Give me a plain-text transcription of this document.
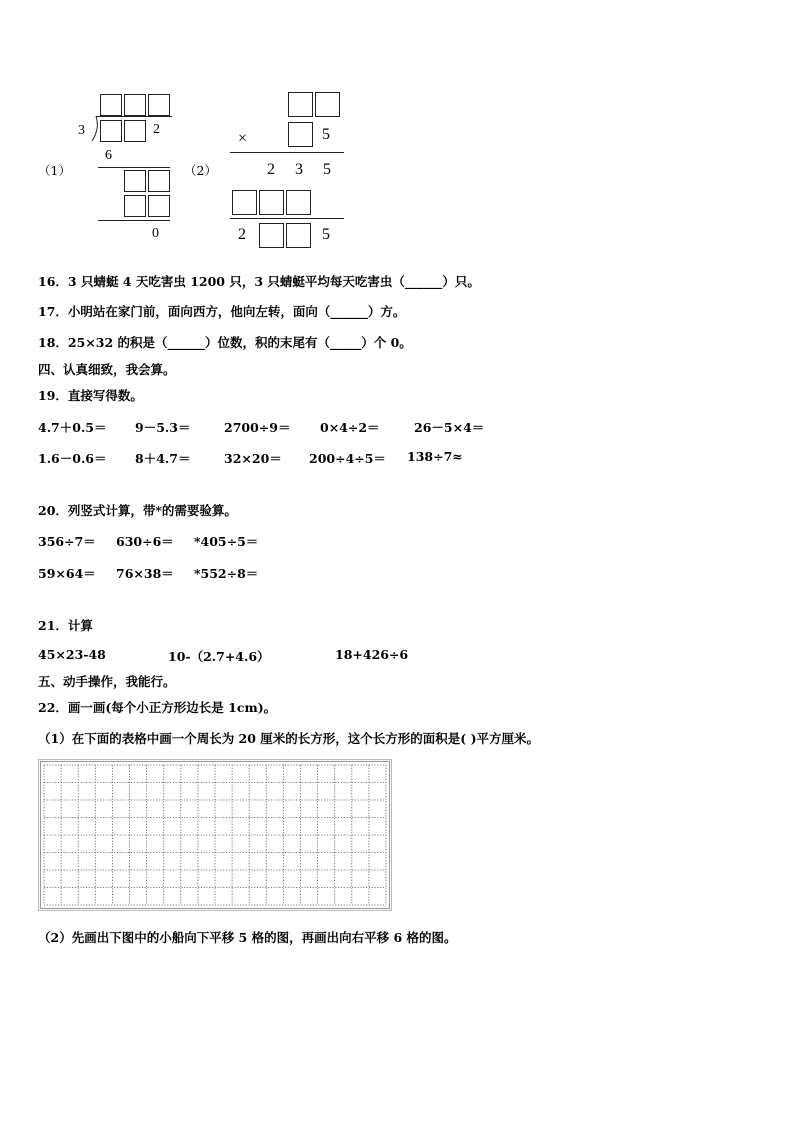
（1）
3	2
6
0
（2）
×	5
2 3 5
2	5
16．3 只蜻蜓 4 天吃害虫 1200 只，3 只蜻蜓平均每天吃害虫（______）只。
17．小明站在家门前，面向西方，他向左转，面向（______）方。
18．25×32 的积是（______）位数，积的末尾有（_____）个 0。
四、认真细致，我会算。
19．直接写得数。
4.7＋0.5＝ 9－5.3＝	2700÷9＝ 0×4÷2＝	26－5×4＝
1.6－0.6＝ 8＋4.7＝	32×20＝ 200÷4÷5＝ 138÷7≈
20．列竖式计算，带*的需要验算。
356÷7＝ 630÷6＝ *405÷5＝
59×64＝ 76×38＝ *552÷8＝
21．计算
45×23-48	10-（2.7+4.6）	18+426÷6
五、动手操作，我能行。
22．画一画(每个小正方形边长是 1cm)。
（1）在下面的表格中画一个周长为 20 厘米的长方形，这个长方形的面积是( )平方厘米。
（2）先画出下图中的小船向下平移 5 格的图，再画出向右平移 6 格的图。
